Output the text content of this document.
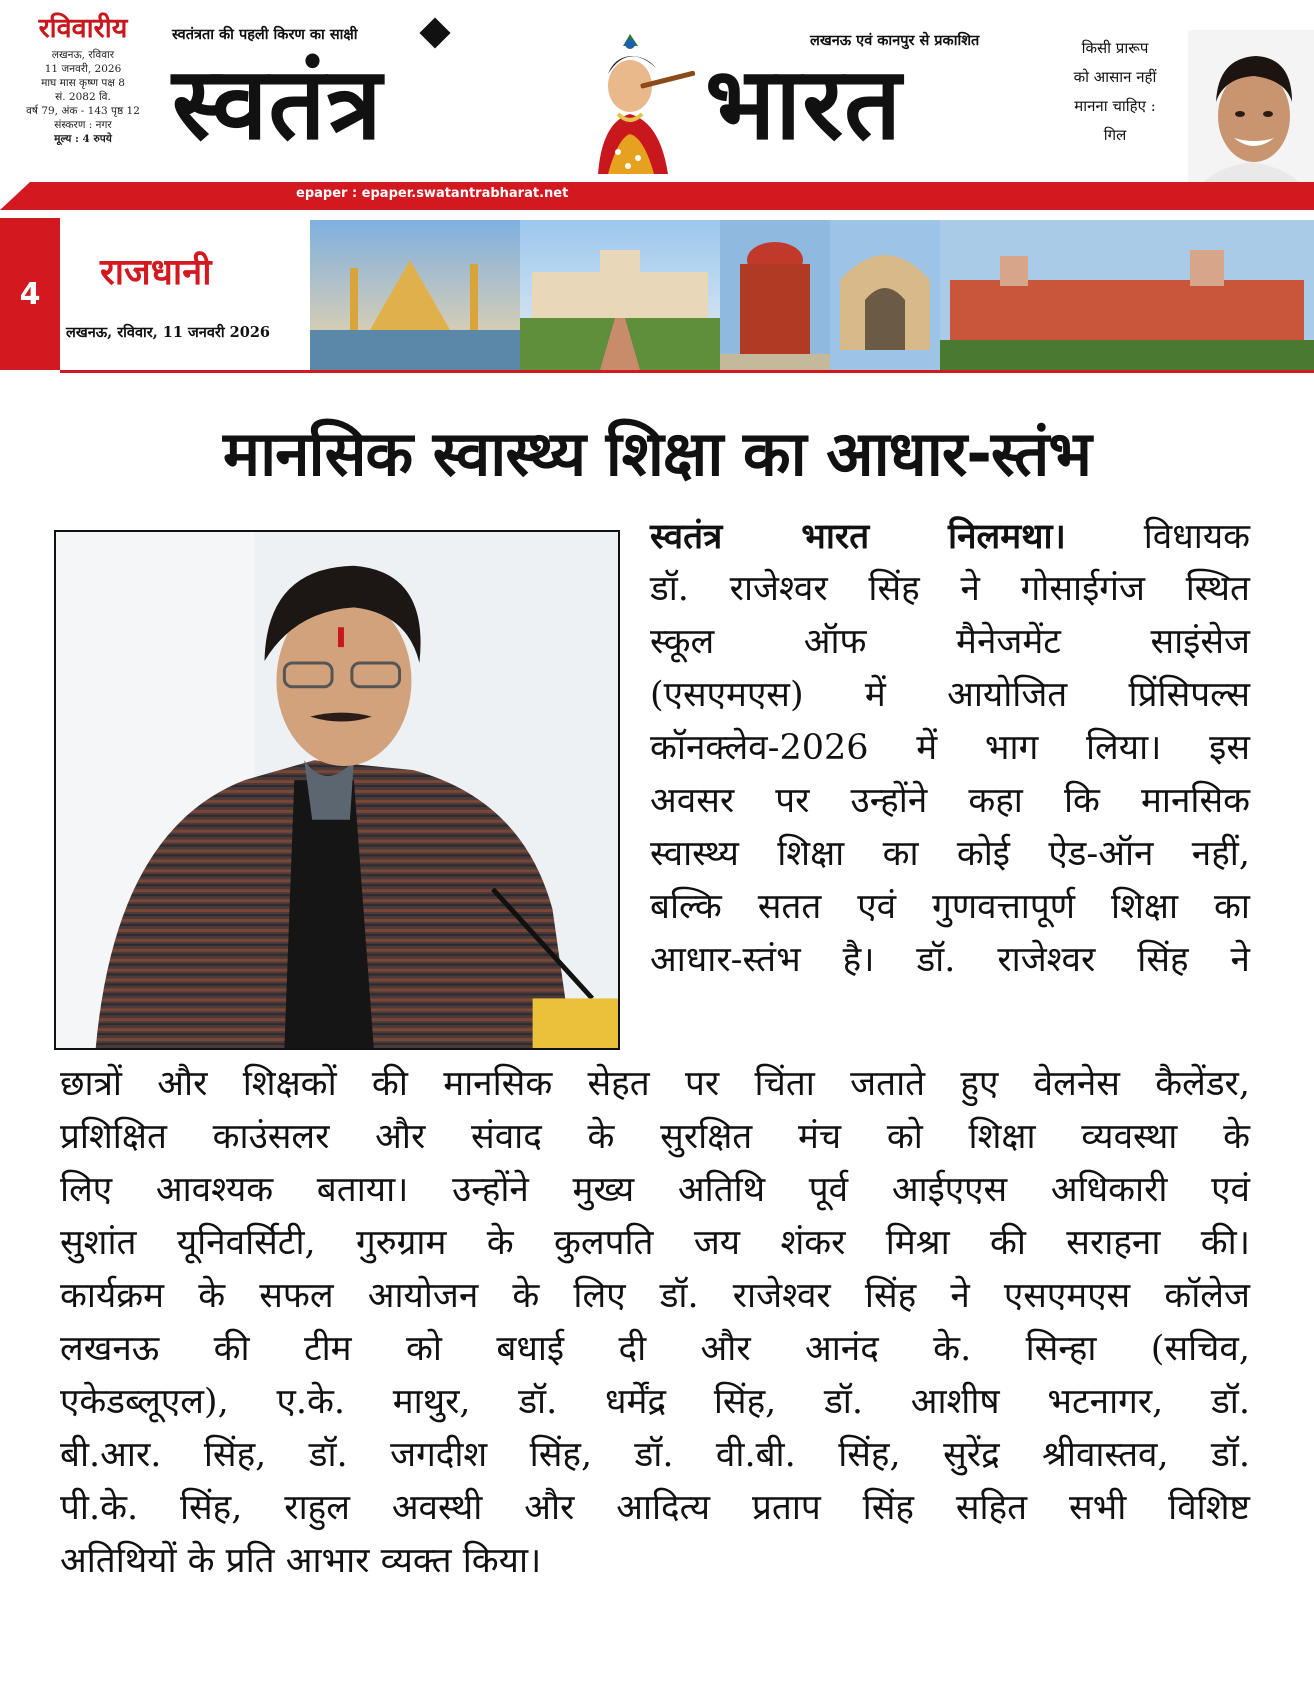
रविवारीय
लखनऊ, रविवार
11 जनवरी, 2026
माघ मास कृष्ण पक्ष 8
सं. 2082 वि.
वर्ष 79, अंक - 143 पृष्ठ 12
संस्करण : नगर
मूल्य : 4 रुपये
स्वतंत्रता की पहली किरण का साक्षी	लखनऊ एवं कानपुर से प्रकाशित
स्वतंत्र	भारत	किसी प्रारूप
को आसान नहीं
मानना चाहिए :
गिल
epaper : epaper.swatantrabharat.net
4
राजधानी
लखनऊ, रविवार, 11 जनवरी 2026
मानसिक स्वास्थ्य शिक्षा का आधार-स्तंभ
स्वतंत्र भारत निलमथा। विधायक
डॉ. राजेश्वर सिंह ने गोसाईगंज स्थित
स्कूल ऑफ मैनेजमेंट साइंसेज
(एसएमएस) में आयोजित प्रिंसिपल्स
कॉनक्लेव-2026 में भाग लिया। इस
अवसर पर उन्होंने कहा कि मानसिक
स्वास्थ्य शिक्षा का कोई ऐड-ऑन नहीं,
बल्कि सतत एवं गुणवत्तापूर्ण शिक्षा का
आधार-स्तंभ है। डॉ. राजेश्वर सिंह ने
छात्रों और शिक्षकों की मानसिक सेहत पर चिंता जताते हुए वेलनेस कैलेंडर,
प्रशिक्षित काउंसलर और संवाद के सुरक्षित मंच को शिक्षा व्यवस्था के
लिए आवश्यक बताया। उन्होंने मुख्य अतिथि पूर्व आईएएस अधिकारी एवं
सुशांत यूनिवर्सिटी, गुरुग्राम के कुलपति जय शंकर मिश्रा की सराहना की।
कार्यक्रम के सफल आयोजन के लिए डॉ. राजेश्वर सिंह ने एसएमएस कॉलेज
लखनऊ की टीम को बधाई दी और आनंद के. सिन्हा (सचिव,
एकेडब्लूएल), ए.के. माथुर, डॉ. धर्मेंद्र सिंह, डॉ. आशीष भटनागर, डॉ.
बी.आर. सिंह, डॉ. जगदीश सिंह, डॉ. वी.बी. सिंह, सुरेंद्र श्रीवास्तव, डॉ.
पी.के. सिंह, राहुल अवस्थी और आदित्य प्रताप सिंह सहित सभी विशिष्ट
अतिथियों के प्रति आभार व्यक्त किया।
